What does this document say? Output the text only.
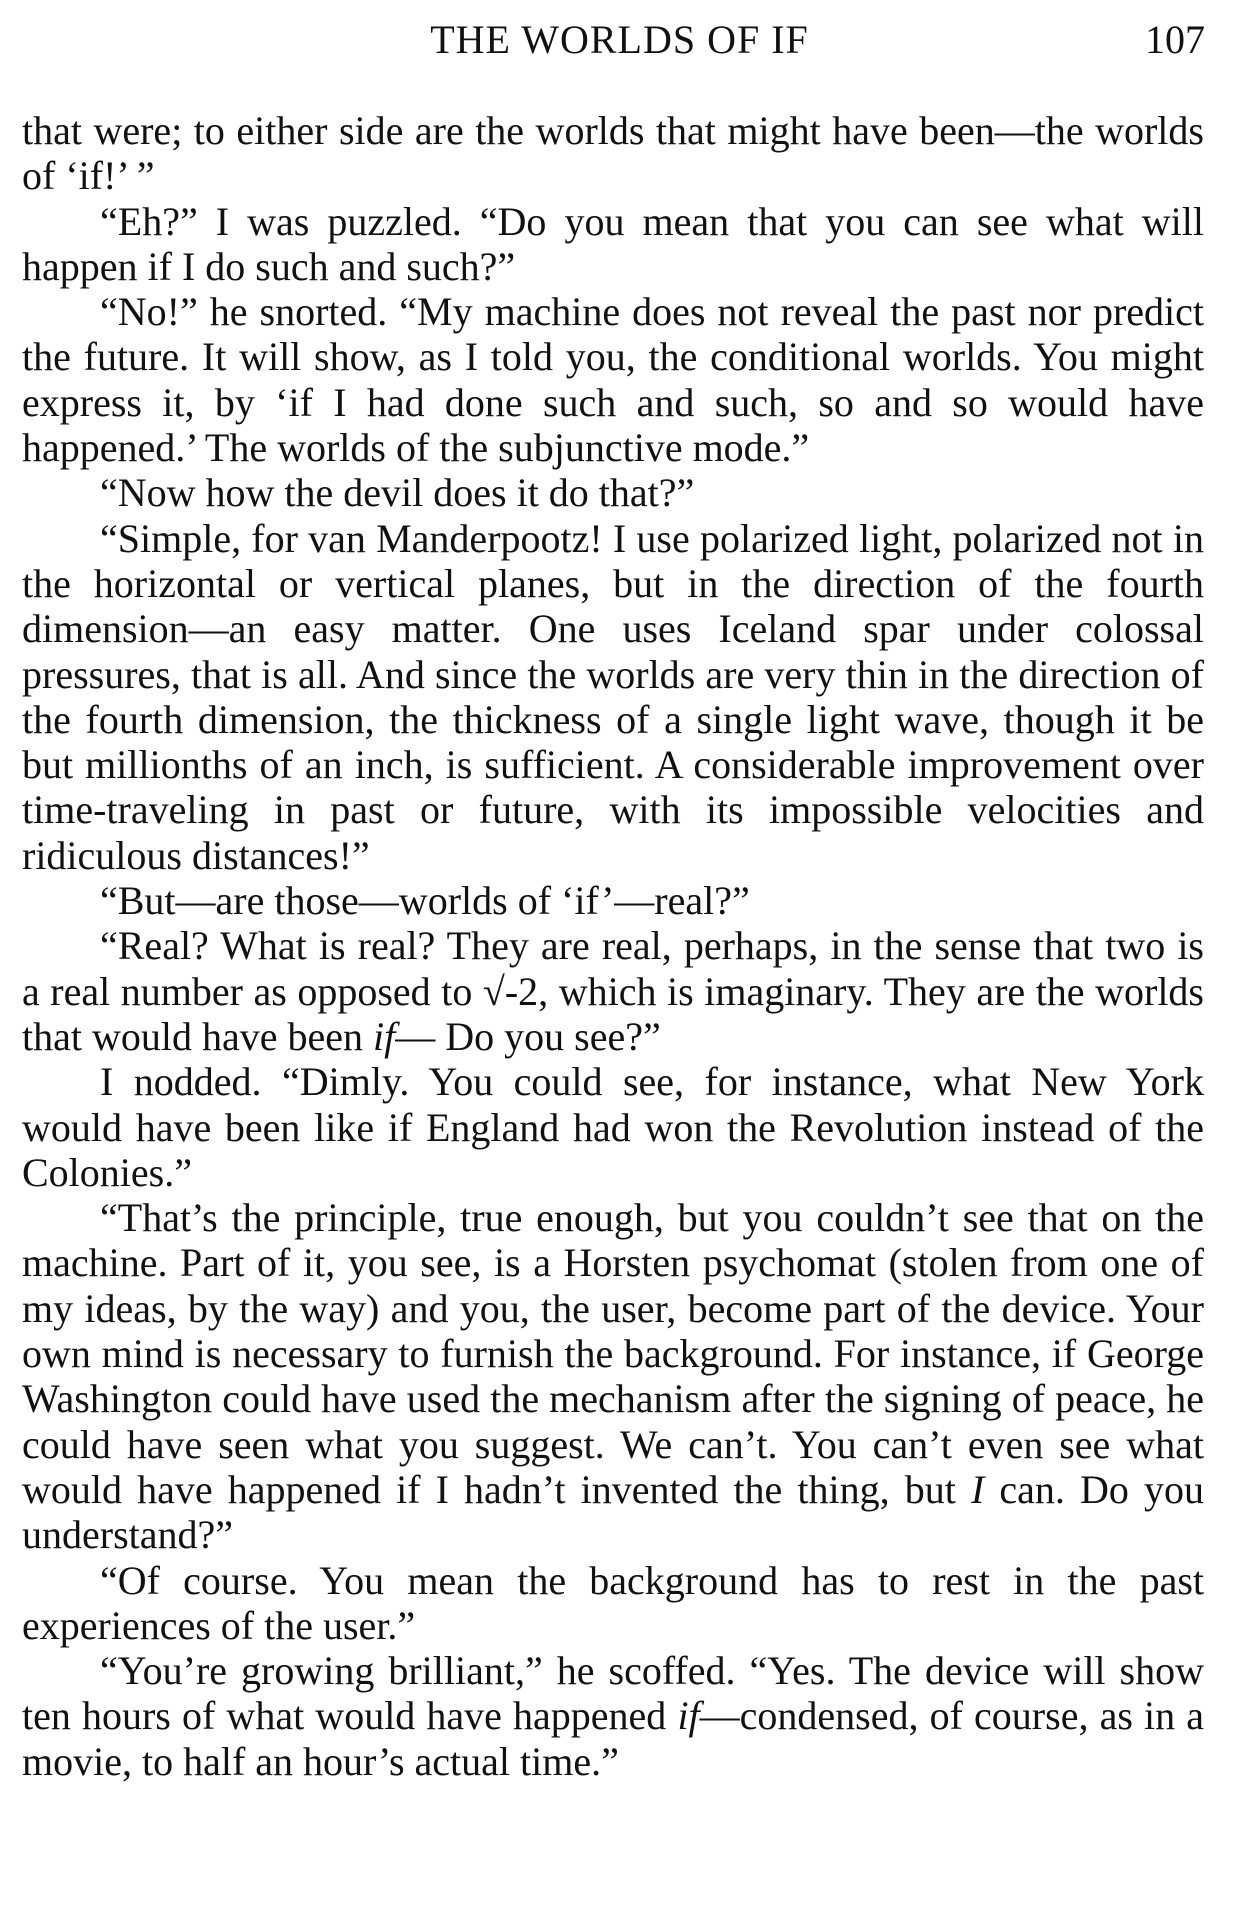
THE WORLDS OF IF	107

that were; to either side are the worlds that might have been—the worlds of ‘if!’ ”

“Eh?” I was puzzled. “Do you mean that you can see what will happen if I do such and such?”

“No!” he snorted. “My machine does not reveal the past nor predict the future. It will show, as I told you, the conditional worlds. You might express it, by ‘if I had done such and such, so and so would have happened.’ The worlds of the subjunctive mode.”

“Now how the devil does it do that?”

“Simple, for van Manderpootz! I use polarized light, polarized not in the horizontal or vertical planes, but in the direction of the fourth dimension—an easy matter. One uses Iceland spar under colossal pressures, that is all. And since the worlds are very thin in the direction of the fourth dimension, the thickness of a single light wave, though it be but millionths of an inch, is sufficient. A considerable improvement over time-traveling in past or future, with its impossible velocities and ridiculous distances!”

“But—are those—worlds of ‘if’—real?”

“Real? What is real? They are real, perhaps, in the sense that two is a real number as opposed to √-2, which is imaginary. They are the worlds that would have been if— Do you see?”

I nodded. “Dimly. You could see, for instance, what New York would have been like if England had won the Revolution instead of the Colonies.”

“That’s the principle, true enough, but you couldn’t see that on the machine. Part of it, you see, is a Horsten psychomat (stolen from one of my ideas, by the way) and you, the user, become part of the device. Your own mind is necessary to furnish the background. For instance, if George Washington could have used the mechanism after the signing of peace, he could have seen what you suggest. We can’t. You can’t even see what would have happened if I hadn’t invented the thing, but I can. Do you understand?”

“Of course. You mean the background has to rest in the past experiences of the user.”

“You’re growing brilliant,” he scoffed. “Yes. The device will show ten hours of what would have happened if—condensed, of course, as in a movie, to half an hour’s actual time.”
